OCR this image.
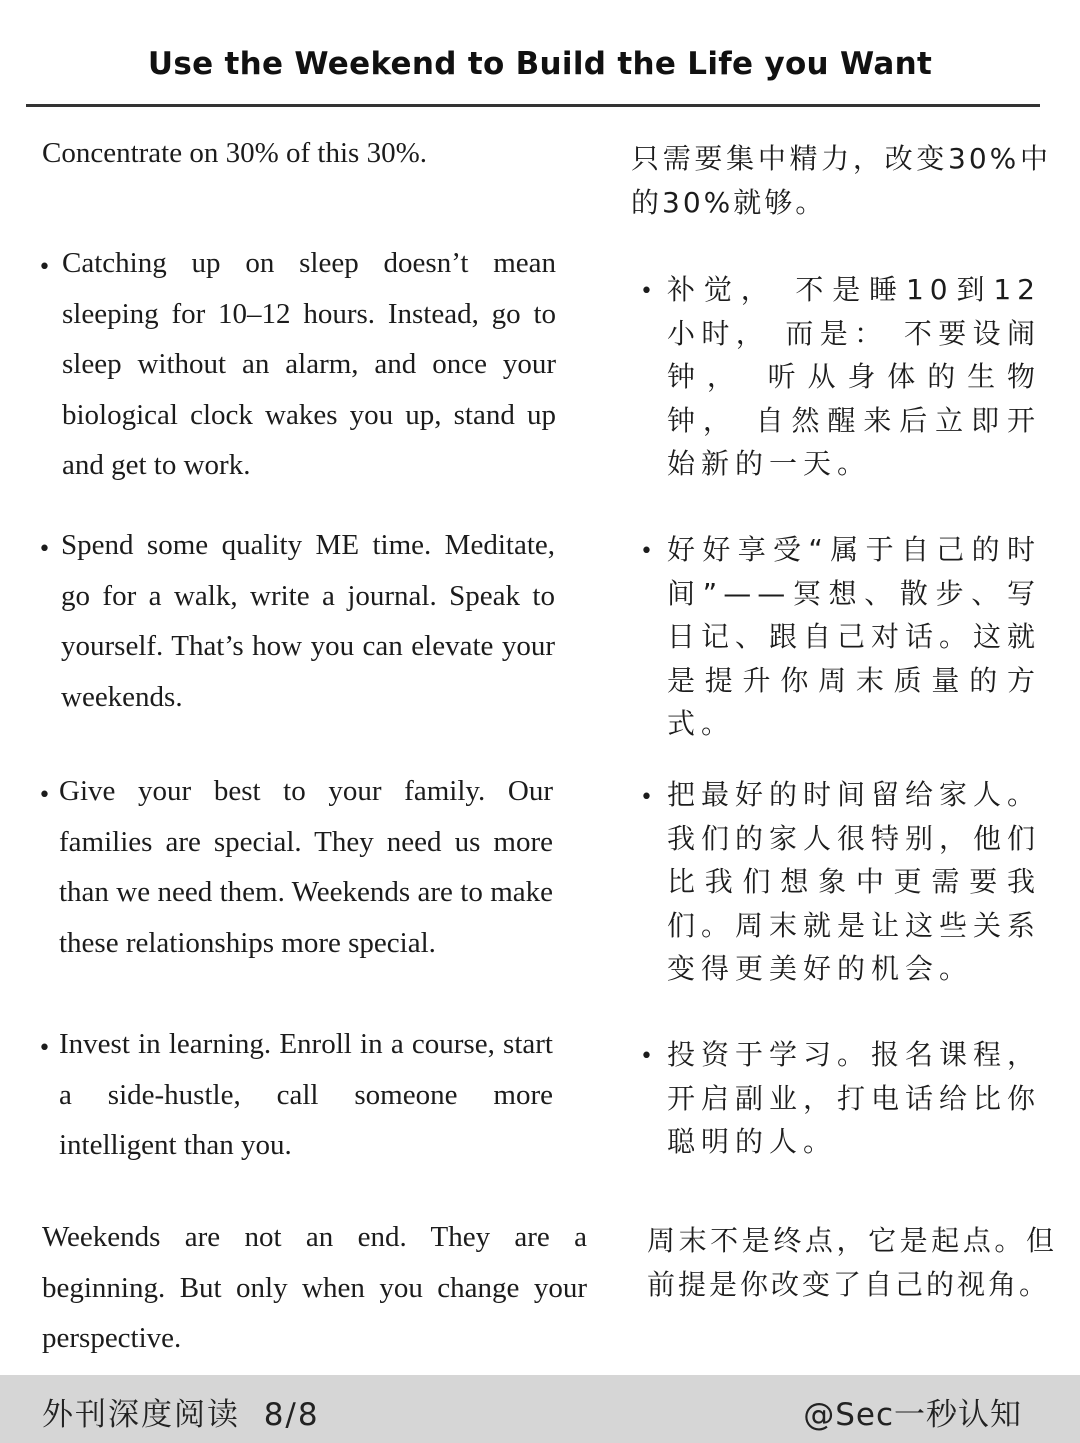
Use the Weekend to Build the Life you Want
Concentrate on 30% of this 30%.	只需要集中精力，改变30%中的30%就够。
• Catching up on sleep doesn’t mean sleeping for 10–12 hours. Instead, go to sleep without an alarm, and once your biological clock wakes you up, stand up and get to work.
• 补觉， 不是睡10到12小时， 而是： 不要设闹钟， 听从身体的生物钟， 自然醒来后立即开始新的一天。
• Spend some quality ME time. Meditate, go for a walk, write a journal. Speak to yourself. That’s how you can elevate your weekends.
• 好好享受“属于自己的时间”——冥想、散步、写日记、跟自己对话。这就是提升你周末质量的方式。
• Give your best to your family. Our families are special. They need us more than we need them. Weekends are to make these relationships more special.
• 把最好的时间留给家人。我们的家人很特别，他们比我们想象中更需要我们。周末就是让这些关系变得更美好的机会。
• Invest in learning. Enroll in a course, start a side-hustle, call someone more intelligent than you.
• 投资于学习。报名课程，开启副业，打电话给比你聪明的人。
Weekends are not an end. They are a beginning. But only when you change your perspective.
周末不是终点，它是起点。但前提是你改变了自己的视角。
外刊深度阅读  8/8	@Sec一秒认知
